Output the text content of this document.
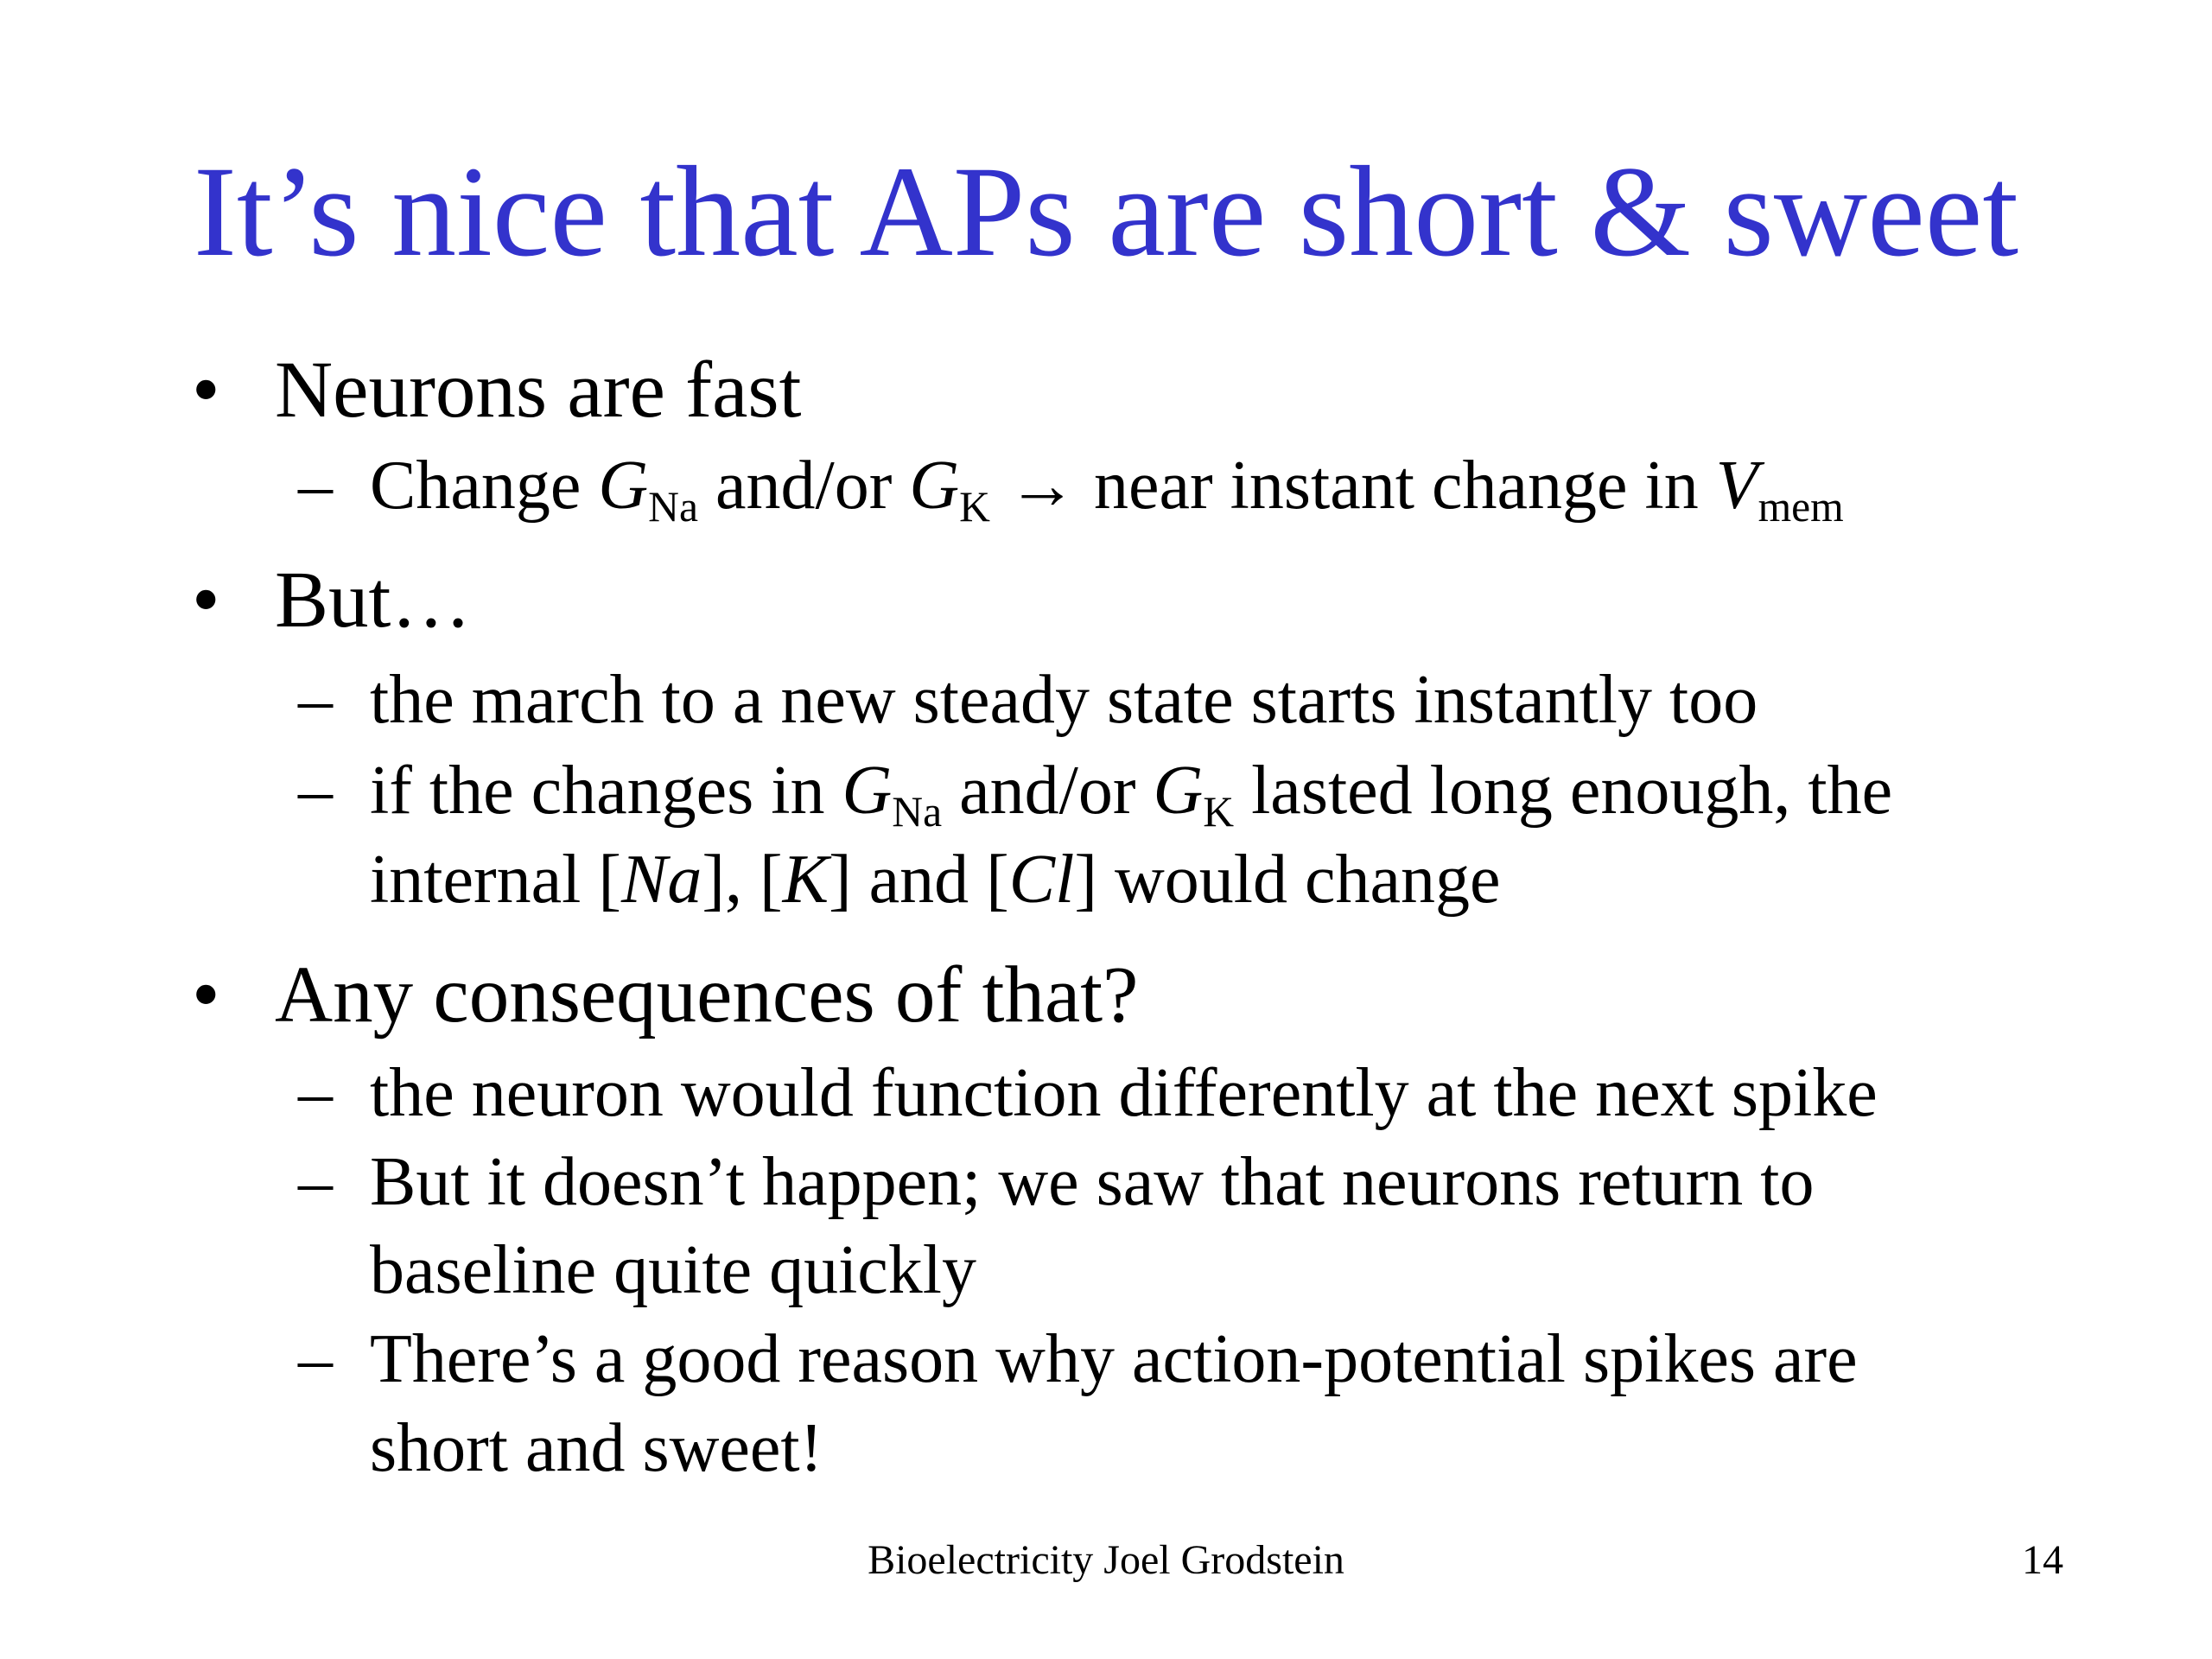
It’s nice that APs are short & sweet
• Neurons are fast
– Change $G_{Na}$ and/or $G_K$ → near instant change in $V_{mem}$
• But…
– the march to a new steady state starts instantly too
– if the changes in $G_{Na}$ and/or $G_K$ lasted long enough, the
internal [Na], [K] and [Cl] would change
• Any consequences of that?
– the neuron would function differently at the next spike
– But it doesn’t happen; we saw that neurons return to
baseline quite quickly
– There’s a good reason why action-potential spikes are
short and sweet!
Bioelectricity Joel Grodstein	14
